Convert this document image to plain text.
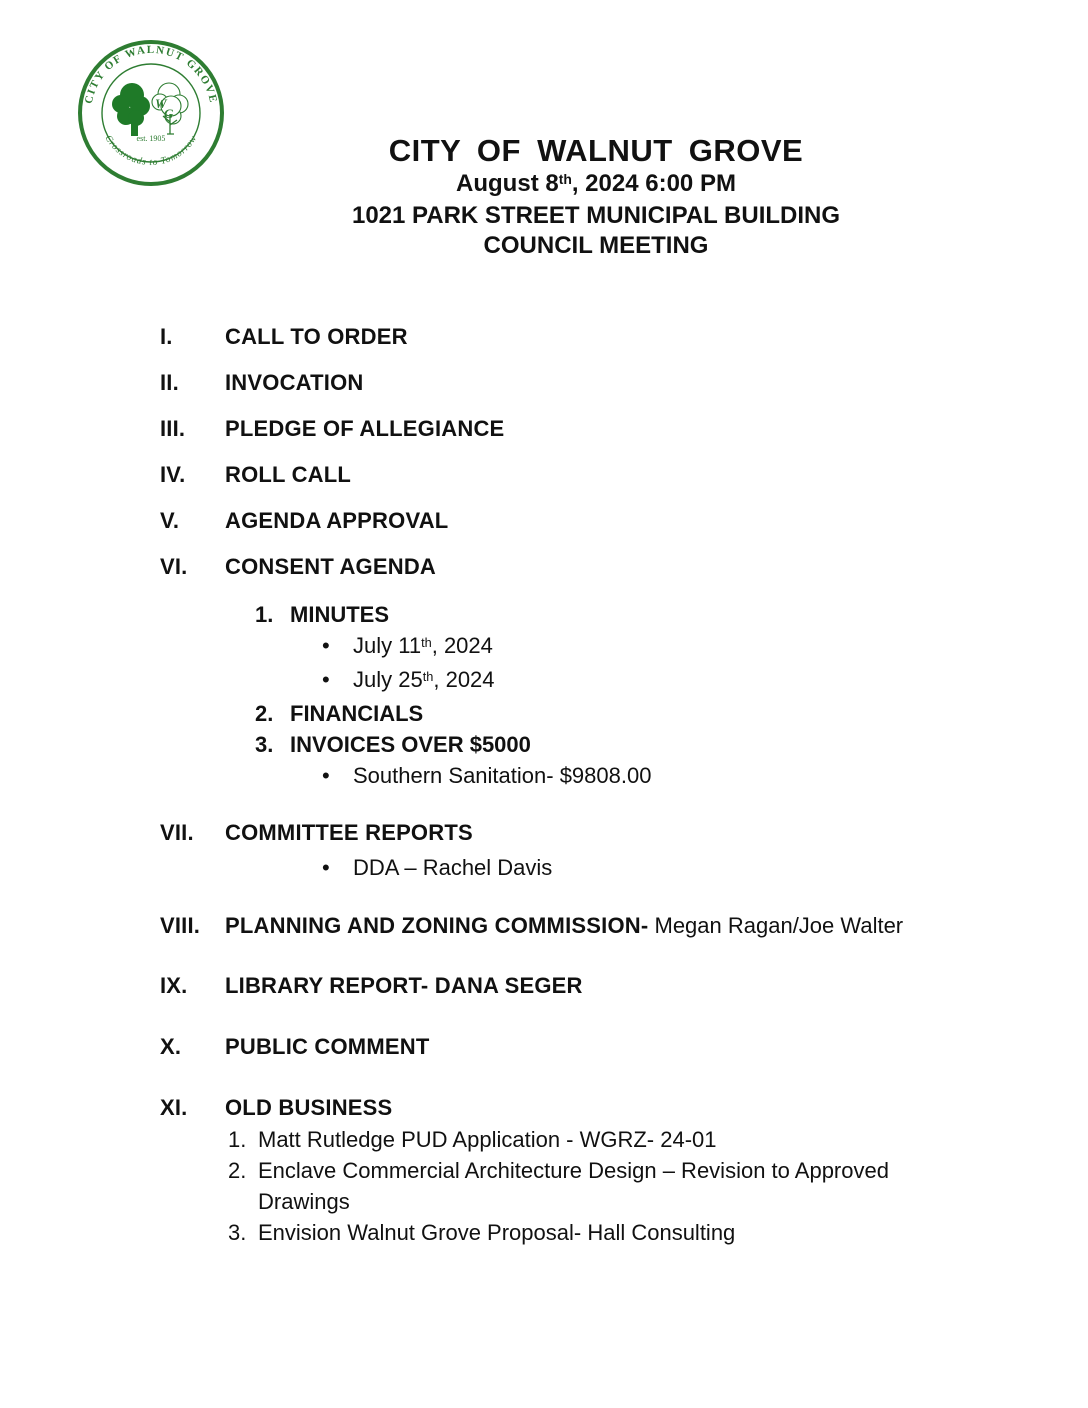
CITY OF WALNUT GROVE
Crossroads to Tomorrow
W
G
est. 1905	CITY OF WALNUT GROVE
August 8th, 2024 6:00 PM
1021 PARK STREET MUNICIPAL BUILDING
COUNCIL MEETING
I.	CALL TO ORDER
II.	INVOCATION
III.	PLEDGE OF ALLEGIANCE
IV.	ROLL CALL
V.	AGENDA APPROVAL
VI.	CONSENT AGENDA
1. MINUTES
•
July 11th, 2024
•
July 25th, 2024
2. FINANCIALS
3. INVOICES OVER $5000
•
Southern Sanitation- $9808.00
VII.	COMMITTEE REPORTS
•
DDA – Rachel Davis
VIII.	PLANNING AND ZONING COMMISSION- Megan Ragan/Joe Walter
IX.	LIBRARY REPORT- DANA SEGER
X.	PUBLIC COMMENT
XI.	OLD BUSINESS
1. Matt Rutledge PUD Application - WGRZ- 24-01
2. Enclave Commercial Architecture Design – Revision to Approved Drawings
3. Envision Walnut Grove Proposal- Hall Consulting
